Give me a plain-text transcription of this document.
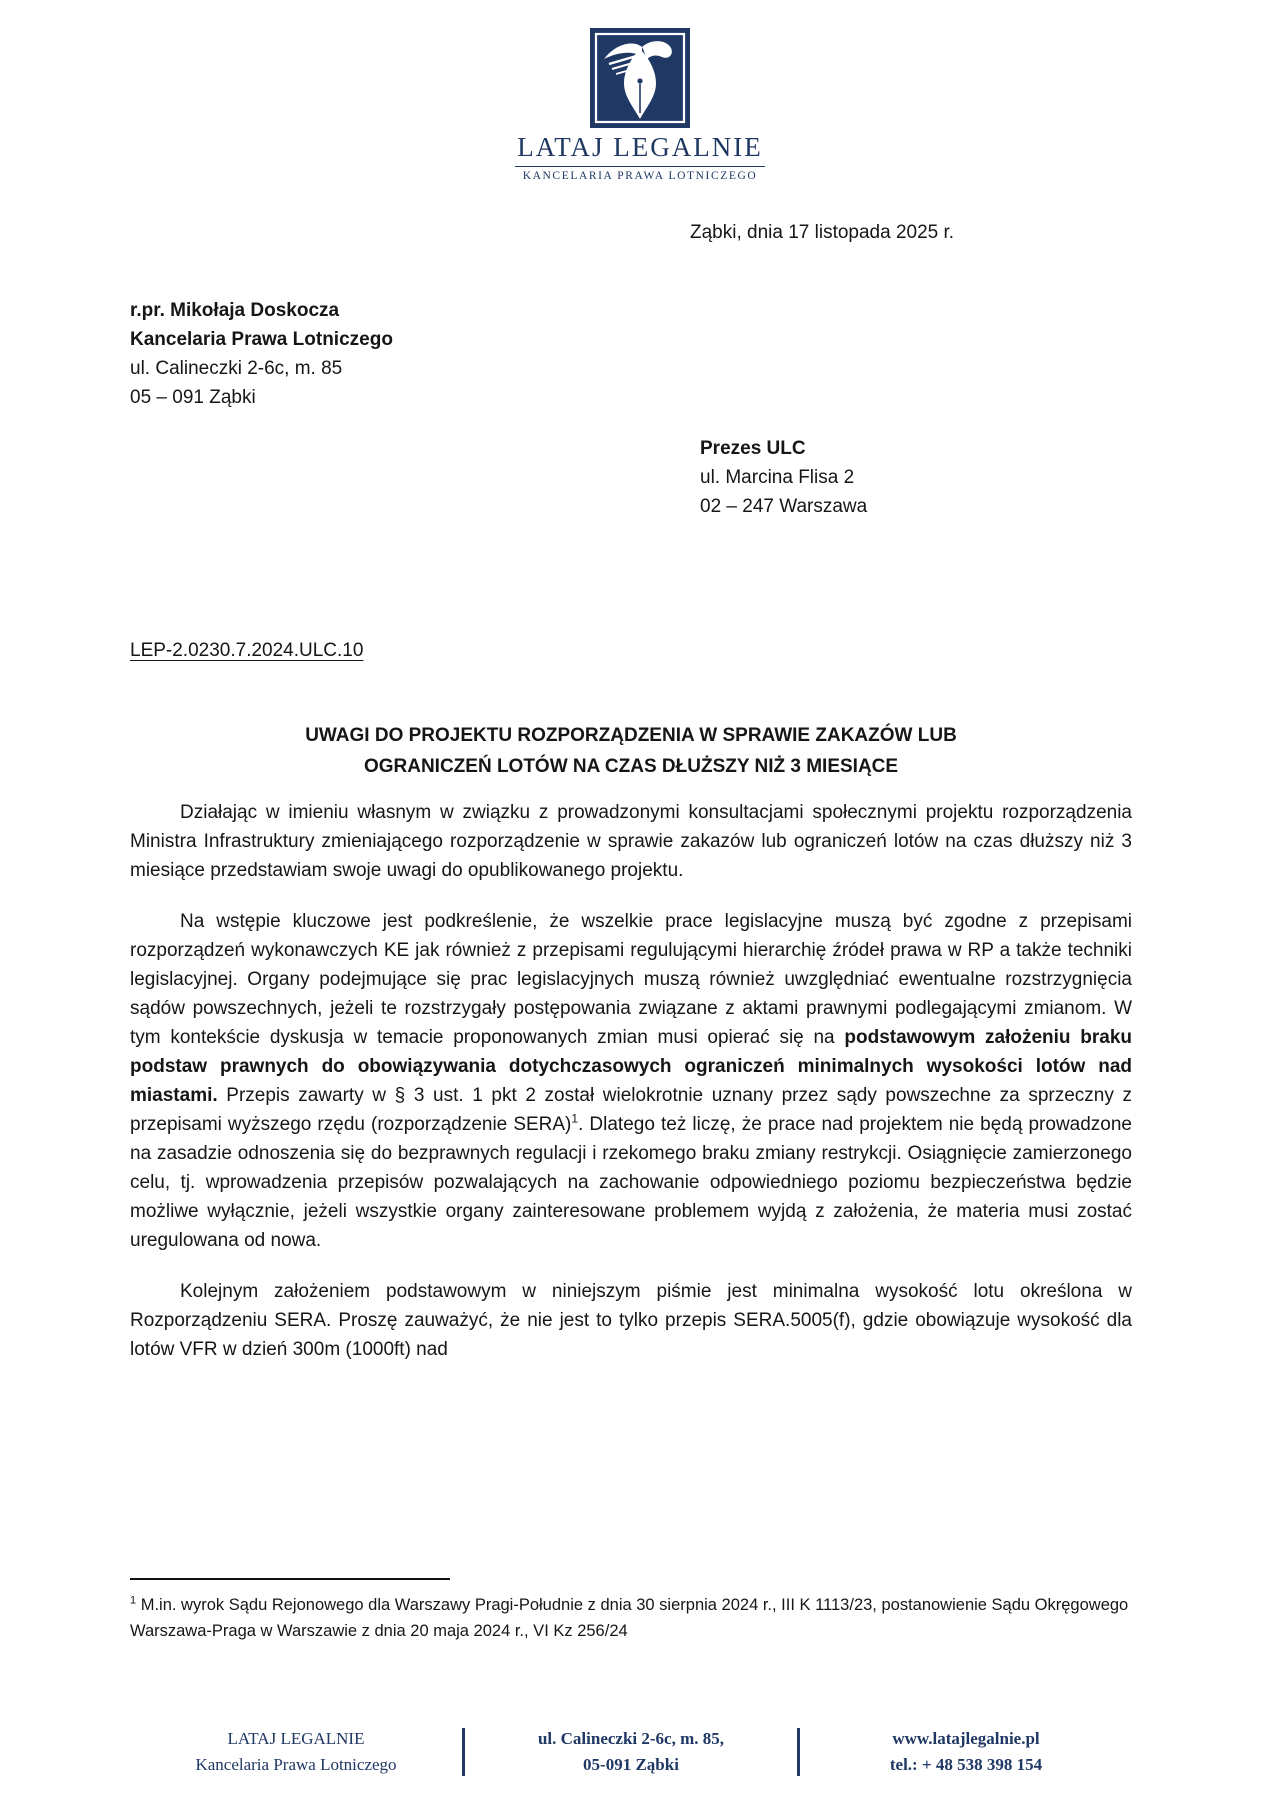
LATAJ LEGALNIE
KANCELARIA PRAWA LOTNICZEGO
Ząbki, dnia 17 listopada 2025 r.
r.pr. Mikołaja Doskocza
Kancelaria Prawa Lotniczego
ul. Calineczki 2-6c, m. 85
05 – 091 Ząbki
Prezes ULC
ul. Marcina Flisa 2
02 – 247 Warszawa
LEP-2.0230.7.2024.ULC.10
UWAGI DO PROJEKTU ROZPORZĄDZENIA W SPRAWIE ZAKAZÓW LUB
OGRANICZEŃ LOTÓW NA CZAS DŁUŻSZY NIŻ 3 MIESIĄCE

Działając w imieniu własnym w związku z prowadzonymi konsultacjami społecznymi projektu rozporządzenia Ministra Infrastruktury zmieniającego rozporządzenie w sprawie zakazów lub ograniczeń lotów na czas dłuższy niż 3 miesiące przedstawiam swoje uwagi do opublikowanego projektu.

Na wstępie kluczowe jest podkreślenie, że wszelkie prace legislacyjne muszą być zgodne z przepisami rozporządzeń wykonawczych KE jak również z przepisami regulującymi hierarchię źródeł prawa w RP a także techniki legislacyjnej. Organy podejmujące się prac legislacyjnych muszą również uwzględniać ewentualne rozstrzygnięcia sądów powszechnych, jeżeli te rozstrzygały postępowania związane z aktami prawnymi podlegającymi zmianom. W tym kontekście dyskusja w temacie proponowanych zmian musi opierać się na podstawowym założeniu braku podstaw prawnych do obowiązywania dotychczasowych ograniczeń minimalnych wysokości lotów nad miastami. Przepis zawarty w § 3 ust. 1 pkt 2 został wielokrotnie uznany przez sądy powszechne za sprzeczny z przepisami wyższego rzędu (rozporządzenie SERA)$^1$. Dlatego też liczę, że prace nad projektem nie będą prowadzone na zasadzie odnoszenia się do bezprawnych regulacji i rzekomego braku zmiany restrykcji. Osiągnięcie zamierzonego celu, tj. wprowadzenia przepisów pozwalających na zachowanie odpowiedniego poziomu bezpieczeństwa będzie możliwe wyłącznie, jeżeli wszystkie organy zainteresowane problemem wyjdą z założenia, że materia musi zostać uregulowana od nowa.

Kolejnym założeniem podstawowym w niniejszym piśmie jest minimalna wysokość lotu określona w Rozporządzeniu SERA. Proszę zauważyć, że nie jest to tylko przepis SERA.5005(f), gdzie obowiązuje wysokość dla lotów VFR w dzień 300m (1000ft) nad

$^1$ M.in. wyrok Sądu Rejonowego dla Warszawy Pragi-Południe z dnia 30 sierpnia 2024 r., III K 1113/23, postanowienie Sądu Okręgowego Warszawa-Praga w Warszawie z dnia 20 maja 2024 r., VI Kz 256/24
LATAJ LEGALNIE
Kancelaria Prawa Lotniczego
ul. Calineczki 2-6c, m. 85,
05-091 Ząbki
www.latajlegalnie.pl
tel.: + 48 538 398 154
